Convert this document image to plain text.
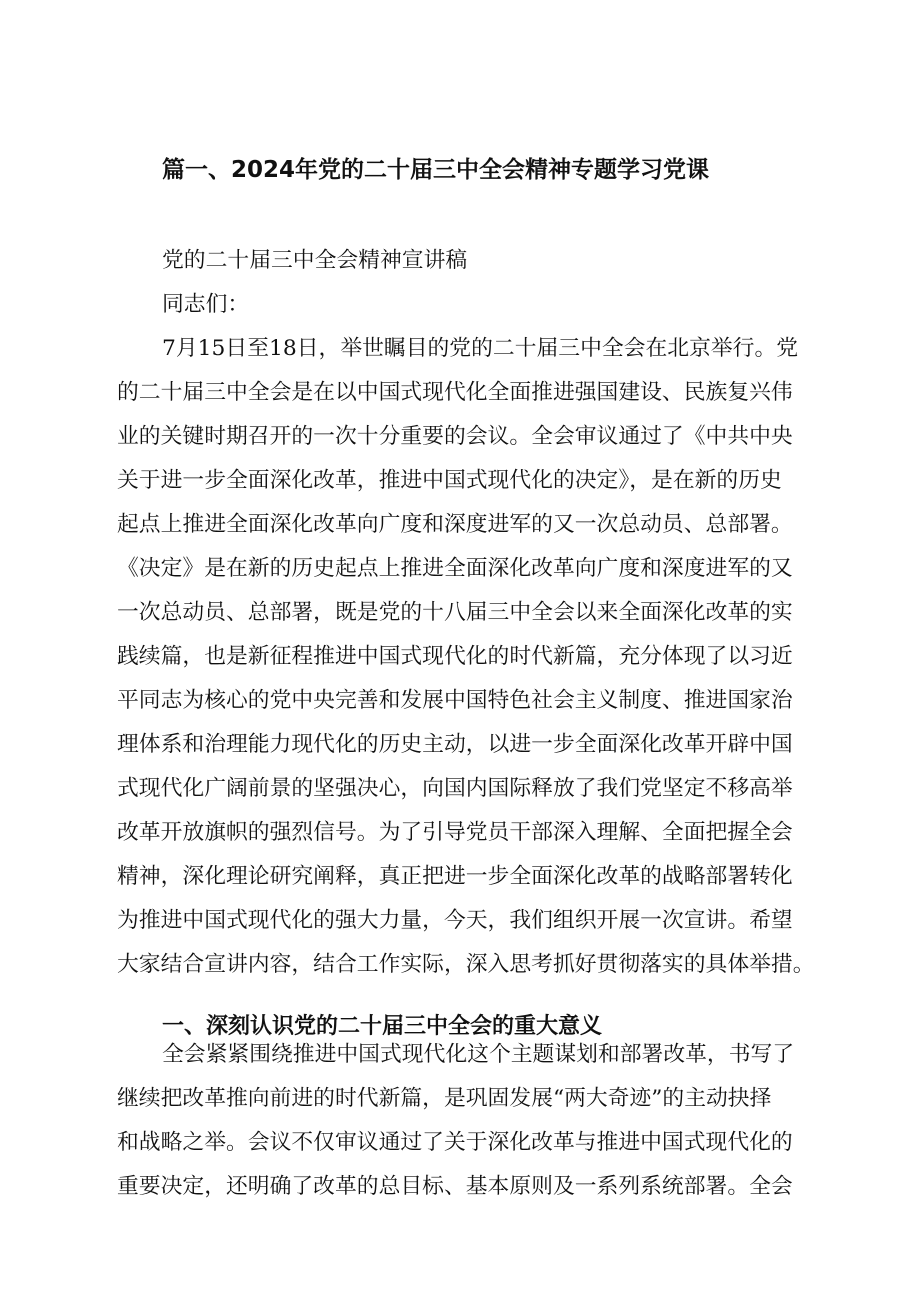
篇一、2024年党的二十届三中全会精神专题学习党课
党的二十届三中全会精神宣讲稿
同志们：
7月15日至18日，举世瞩目的党的二十届三中全会在北京举行。党
的二十届三中全会是在以中国式现代化全面推进强国建设、民族复兴伟
业的关键时期召开的一次十分重要的会议。全会审议通过了《中共中央
关于进一步全面深化改革，推进中国式现代化的决定》，是在新的历史
起点上推进全面深化改革向广度和深度进军的又一次总动员、总部署。
《决定》是在新的历史起点上推进全面深化改革向广度和深度进军的又
一次总动员、总部署，既是党的十八届三中全会以来全面深化改革的实
践续篇，也是新征程推进中国式现代化的时代新篇，充分体现了以习近
平同志为核心的党中央完善和发展中国特色社会主义制度、推进国家治
理体系和治理能力现代化的历史主动，以进一步全面深化改革开辟中国
式现代化广阔前景的坚强决心，向国内国际释放了我们党坚定不移高举
改革开放旗帜的强烈信号。为了引导党员干部深入理解、全面把握全会
精神，深化理论研究阐释，真正把进一步全面深化改革的战略部署转化
为推进中国式现代化的强大力量，今天，我们组织开展一次宣讲。希望
大家结合宣讲内容，结合工作实际，深入思考抓好贯彻落实的具体举措。
一、深刻认识党的二十届三中全会的重大意义
全会紧紧围绕推进中国式现代化这个主题谋划和部署改革，书写了
继续把改革推向前进的时代新篇，是巩固发展“两大奇迹”的主动抉择
和战略之举。会议不仅审议通过了关于深化改革与推进中国式现代化的
重要决定，还明确了改革的总目标、基本原则及一系列系统部署。全会
